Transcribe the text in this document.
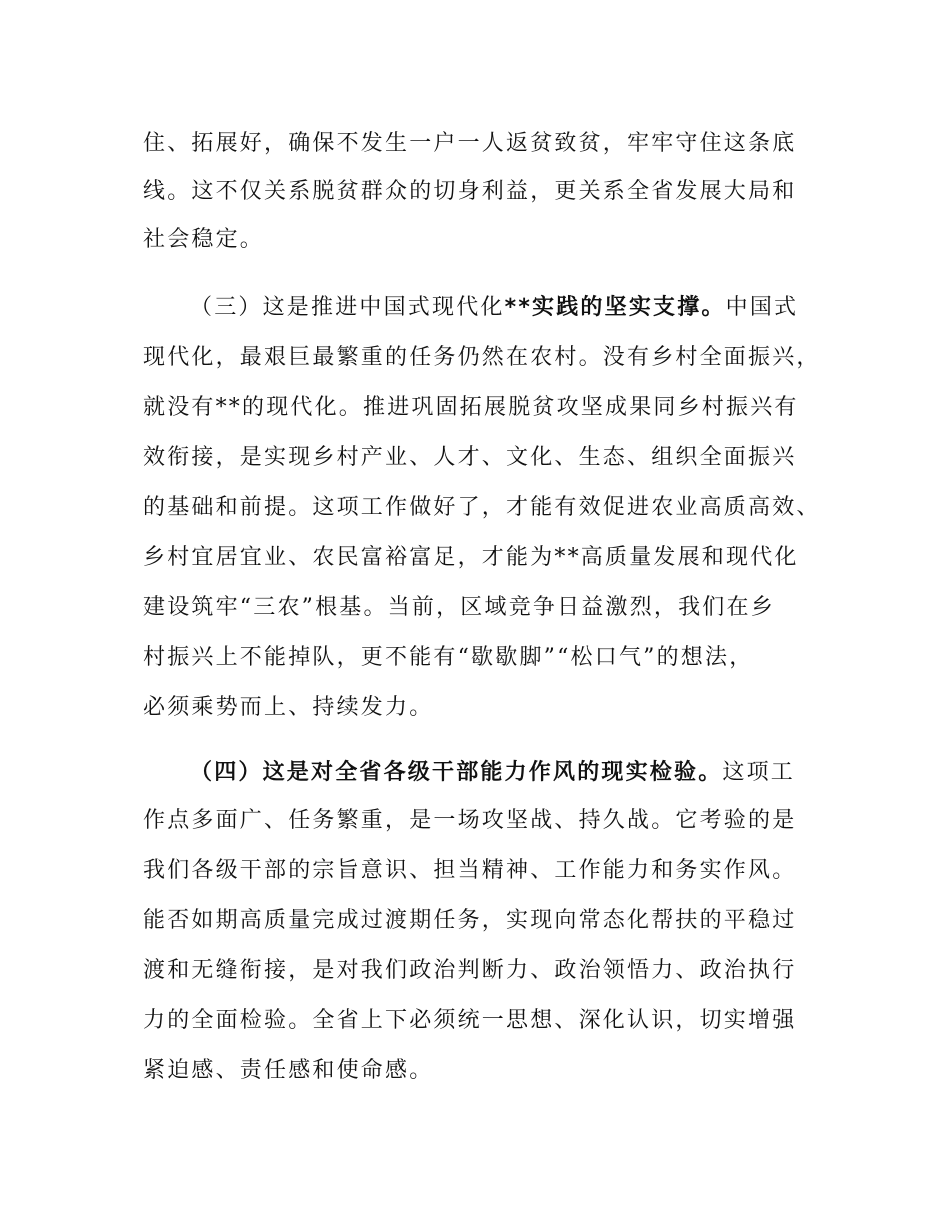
住、拓展好，确保不发生一户一人返贫致贫，牢牢守住这条底
线。这不仅关系脱贫群众的切身利益，更关系全省发展大局和
社会稳定。
（三）这是推进中国式现代化**实践的坚实支撑。中国式
现代化，最艰巨最繁重的任务仍然在农村。没有乡村全面振兴，
就没有**的现代化。推进巩固拓展脱贫攻坚成果同乡村振兴有
效衔接，是实现乡村产业、人才、文化、生态、组织全面振兴
的基础和前提。这项工作做好了，才能有效促进农业高质高效、
乡村宜居宜业、农民富裕富足，才能为**高质量发展和现代化
建设筑牢“三农”根基。当前，区域竞争日益激烈，我们在乡
村振兴上不能掉队，更不能有“歇歇脚”“松口气”的想法，
必须乘势而上、持续发力。
（四）这是对全省各级干部能力作风的现实检验。这项工
作点多面广、任务繁重，是一场攻坚战、持久战。它考验的是
我们各级干部的宗旨意识、担当精神、工作能力和务实作风。
能否如期高质量完成过渡期任务，实现向常态化帮扶的平稳过
渡和无缝衔接，是对我们政治判断力、政治领悟力、政治执行
力的全面检验。全省上下必须统一思想、深化认识，切实增强
紧迫感、责任感和使命感。
